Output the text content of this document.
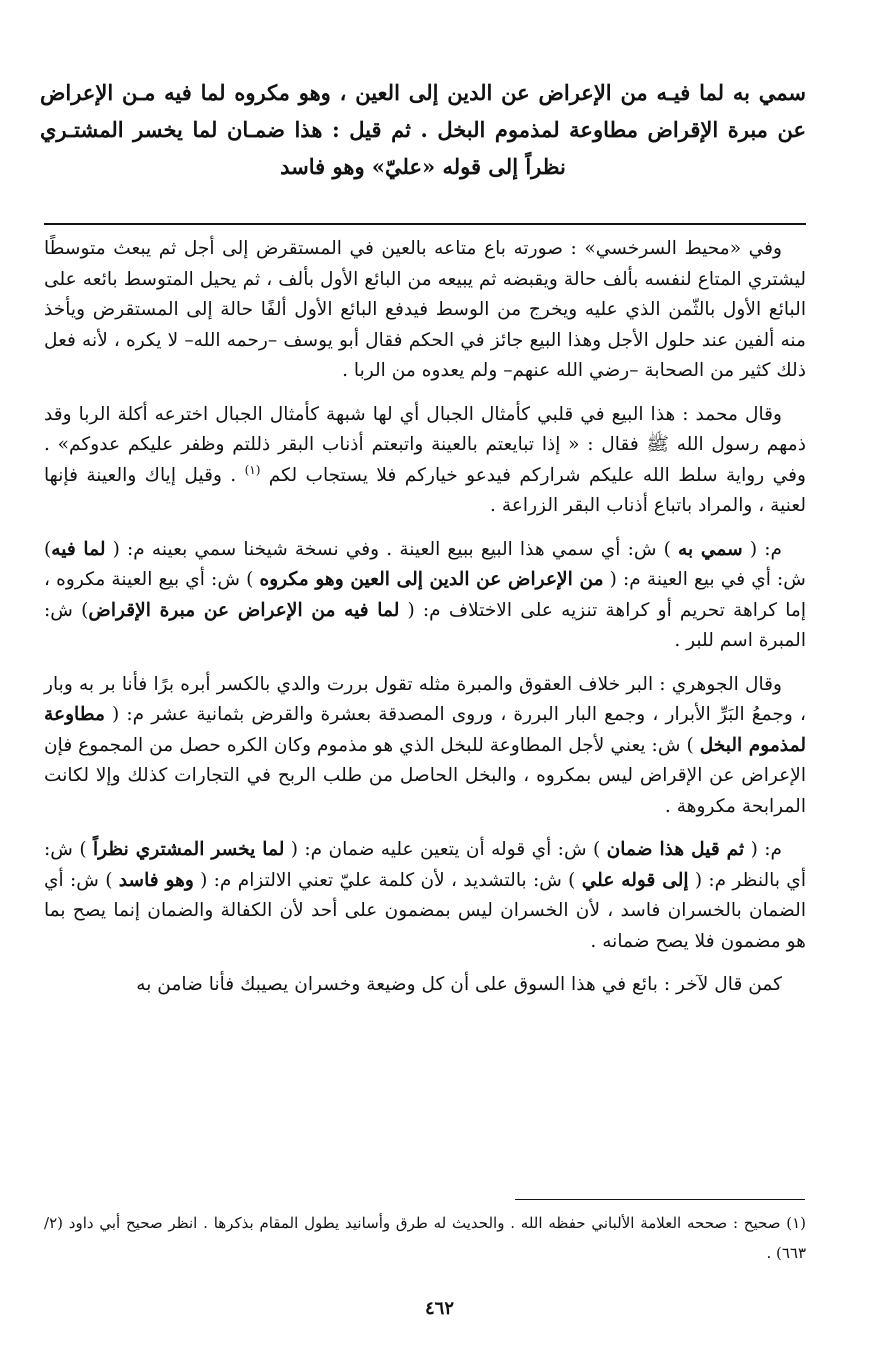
سمي به لما فيـه من الإعراض عن الدين إلى العين ، وهو مكروه لما فيه مـن الإعراض عن مبرة الإقراض مطاوعة لمذموم البخل . ثم قيل : هذا ضمـان لما يخسر المشتـري نظراً إلى قوله «عليّ» وهو فاسد

وفي «محيط السرخسي» : صورته باع متاعه بالعين في المستقرض إلى أجل ثم يبعث متوسطًا ليشتري المتاع لنفسه بألف حالة ويقبضه ثم يبيعه من البائع الأول بألف ، ثم يحيل المتوسط بائعه على البائع الأول بالثّمن الذي عليه ويخرج من الوسط فيدفع البائع الأول ألفًا حالة إلى المستقرض ويأخذ منه ألفين عند حلول الأجل وهذا البيع جائز في الحكم فقال أبو يوسف –رحمه الله– لا يكره ، لأنه فعل ذلك كثير من الصحابة –رضي الله عنهم– ولم يعدوه من الربا .

وقال محمد : هذا البيع في قلبي كأمثال الجبال أي لها شبهة كأمثال الجبال اخترعه أكلة الربا وقد ذمهم رسول الله ﷺ فقال : « إذا تبايعتم بالعينة واتبعتم أذناب البقر ذللتم وظفر عليكم عدوكم» . وفي رواية سلط الله عليكم شراركم فيدعو خياركم فلا يستجاب لكم $^{(١)}$ . وقيل إياك والعينة فإنها لعنية ، والمراد باتباع أذناب البقر الزراعة .

م: ( سمي به ) ش: أي سمي هذا البيع ببيع العينة . وفي نسخة شيخنا سمي بعينه م: ( لما فيه) ش: أي في بيع العينة م: ( من الإعراض عن الدين إلى العين وهو مكروه ) ش: أي بيع العينة مكروه ، إما كراهة تحريم أو كراهة تنزيه على الاختلاف م: ( لما فيه من الإعراض عن مبرة الإقراض) ش: المبرة اسم للبر .

وقال الجوهري : البر خلاف العقوق والمبرة مثله تقول بررت والدي بالكسر أبره برًا فأنا بر به وبار ، وجمعُ البَرِّ الأبرار ، وجمع البار البررة ، وروى المصدقة بعشرة والقرض بثمانية عشر م: ( مطاوعة لمذموم البخل ) ش: يعني لأجل المطاوعة للبخل الذي هو مذموم وكان الكره حصل من المجموع فإن الإعراض عن الإقراض ليس بمكروه ، والبخل الحاصل من طلب الربح في التجارات كذلك وإلا لكانت المرابحة مكروهة .

م: ( ثم قيل هذا ضمان ) ش: أي قوله أن يتعين عليه ضمان م: ( لما يخسر المشتري نظراً ) ش: أي بالنظر م: ( إلى قوله علي ) ش: بالتشديد ، لأن كلمة عليّ تعني الالتزام م: ( وهو فاسد ) ش: أي الضمان بالخسران فاسد ، لأن الخسران ليس بمضمون على أحد لأن الكفالة والضمان إنما يصح بما هو مضمون فلا يصح ضمانه .

كمن قال لآخر : بائع في هذا السوق على أن كل وضيعة وخسران يصيبك فأنا ضامن به

(١) صحيح : صححه العلامة الألباني حفظه الله . والحديث له طرق وأسانيد يطول المقام بذكرها . انظر صحيح أبي داود (٢/ ٦٦٣) .
٤٦٢
